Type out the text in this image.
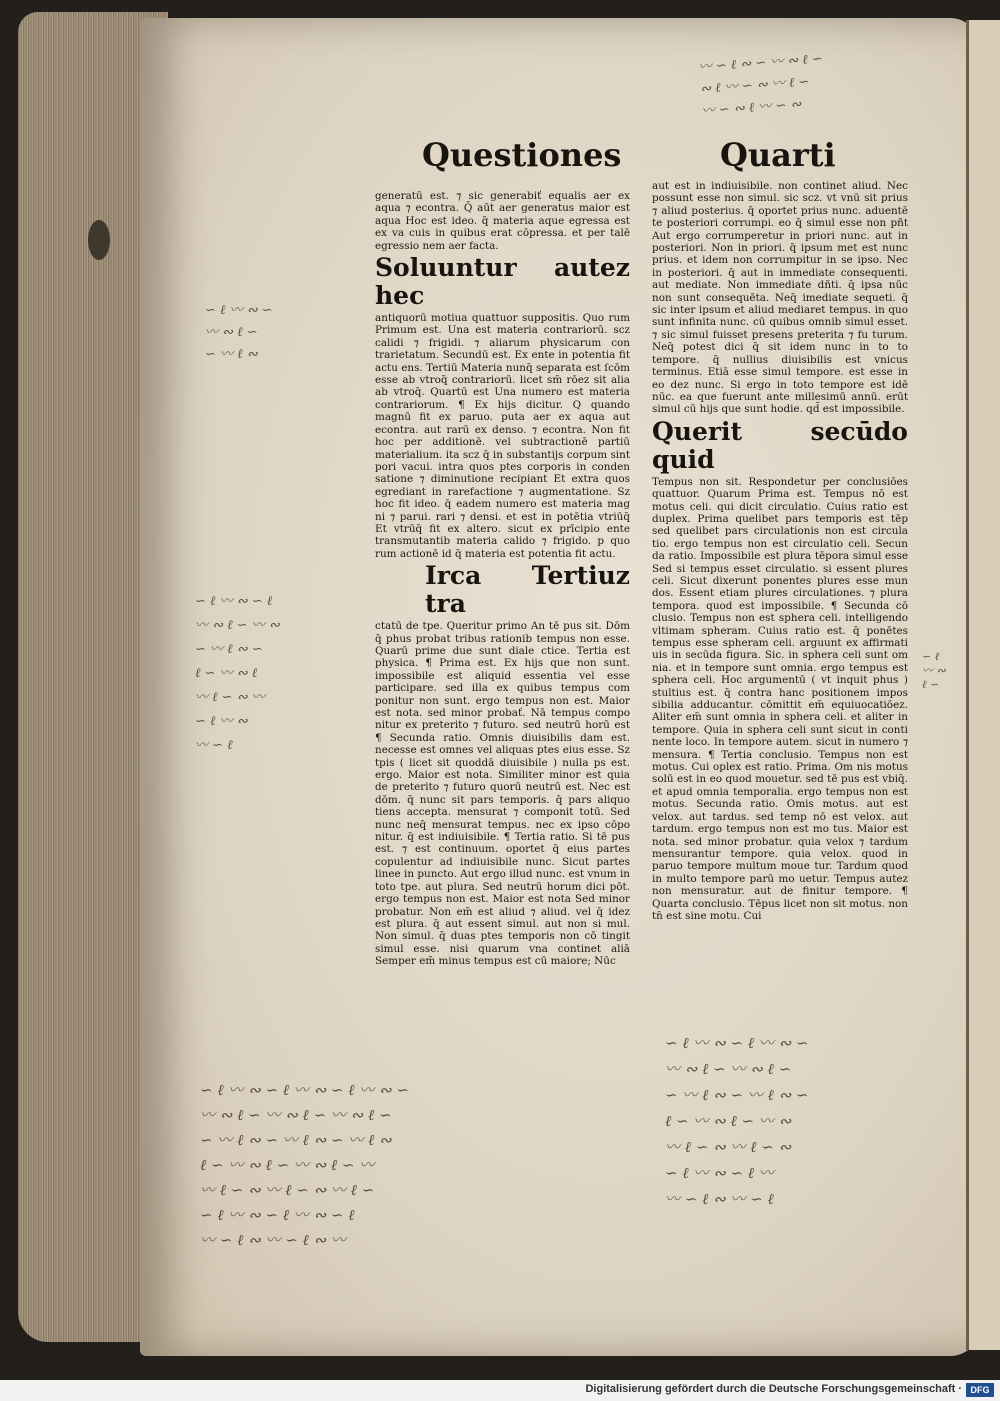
〰 ∽ ℓ ∾ ∽ 〰 ∾ ℓ ∽
∾ ℓ 〰 ∽ ∾ 〰 ℓ ∽
〰 ∽ ∾ ℓ 〰 ∽ ∾
∽ ℓ 〰 ∾ ∽
〰 ∾ ℓ ∽
∽ 〰 ℓ ∾
∽ ℓ 〰 ∾ ∽ ℓ
〰 ∾ ℓ ∽ 〰 ∾
∽ 〰 ℓ ∾ ∽
ℓ ∽ 〰 ∾ ℓ
〰 ℓ ∽ ∾ 〰
∽ ℓ 〰 ∾
〰 ∽ ℓ
∽ ℓ
〰 ∾
ℓ ∽
∽ ℓ 〰 ∾ ∽ ℓ 〰 ∾ ∽ ℓ 〰 ∾ ∽
〰 ∾ ℓ ∽ 〰 ∾ ℓ ∽ 〰 ∾ ℓ ∽
∽ 〰 ℓ ∾ ∽ 〰 ℓ ∾ ∽ 〰 ℓ ∾
ℓ ∽ 〰 ∾ ℓ ∽ 〰 ∾ ℓ ∽ 〰
〰 ℓ ∽ ∾ 〰 ℓ ∽ ∾ 〰 ℓ ∽
∽ ℓ 〰 ∾ ∽ ℓ 〰 ∾ ∽ ℓ
〰 ∽ ℓ ∾ 〰 ∽ ℓ ∾ 〰
∽ ℓ 〰 ∾ ∽ ℓ 〰 ∾ ∽
〰 ∾ ℓ ∽ 〰 ∾ ℓ ∽
∽ 〰 ℓ ∾ ∽ 〰 ℓ ∾ ∽
ℓ ∽ 〰 ∾ ℓ ∽ 〰 ∾
〰 ℓ ∽ ∾ 〰 ℓ ∽ ∾
∽ ℓ 〰 ∾ ∽ ℓ 〰
〰 ∽ ℓ ∾ 〰 ∽ ℓ
Questiones	Quarti

generatū est. ⁊ sic generabiť equalis aer ex aqua ⁊ econtra. Q̄ aūt aer generatus maior est aqua Hoc est ideo. q̄ materia aque egressa est ex va cuis in quibus erat cōpressa. et per talē egressio nem aer facta.

Soluuntur autez hec

antiquorū motiua quattuor suppositis. Quo rum Primum est. Una est materia contrariorū. scz calidi ⁊ frigidi. ⁊ aliarum physicarum con trarietatum. Secundū est. Ex ente in potentia fit actu ens. Tertiū Materia nunq̄ separata est ſcōm esse ab vtroq̄ contrariorū. licet sm̄ rōez sit alia ab vtroq̄. Quartū est Una numero est materia contrariorum. ¶ Ex hijs dicitur. Q quando magnū fit ex paruo. puta aer ex aqua aut econtra. aut rarū ex denso. ⁊ econtra. Non fit hoc per additionē. vel subtractionē partiū materialium. ita scz q̄ in substantijs corpum sint pori vacui. intra quos ptes corporis in conden satione ⁊ diminutione recipiant Et extra quos egrediant in rarefactione ⁊ augmentatione. Sz hoc fit ideo. q̄ eadem numero est materia mag ni ⁊ parui. rari ⁊ densi. et est in potētia vtriūq̄ Et vtrūq̄ fit ex altero. sicut ex prīcipio ente transmutantib materia calido ⁊ frigido. p quo rum actionē id q̄ materia est potentia fit actu.

Irca Tertiuz tra

ctatū de tpe. Queritur primo An tē pus sit. Dōm q̄ phus probat tribus rationib tempus non esse. Quarū prime due sunt diale ctice. Tertia est physica. ¶ Prima est. Ex hijs que non sunt. impossibile est aliquid essentia vel esse participare. sed illa ex quibus tempus com ponitur non sunt. ergo tempus non est. Maior est nota. sed minor probať. Nā tempus compo nitur ex preterito ⁊ futuro. sed neutrū horū est ¶ Secunda ratio. Omnis diuisibilis dam est. necesse est omnes vel aliquas ptes eius esse. Sz tpis ( licet sit quoddā diuisibile ) nulla ps est. ergo. Maior est nota. Similiter minor est quia de preterito ⁊ futuro quorū neutrū est. Nec est dōm. q̄ nunc sit pars temporis. q̄ pars aliquo tiens accepta. mensurat ⁊ componit totū. Sed nunc neq̄ mensurat tempus. nec ex ipso cōpo nitur. q̄ est indiuisibile. ¶ Tertia ratio. Si tē pus est. ⁊ est continuum. oportet q̄ eius partes copulentur ad indiuisibile nunc. Sicut partes linee in puncto. Aut ergo illud nunc. est vnum in toto tpe. aut plura. Sed neutrū horum dici pōt. ergo tempus non est. Maior est nota Sed minor probatur. Non em̄ est aliud ⁊ aliud. vel q̄ idez est plura. q̄ aut essent simul. aut non si mul. Non simul. q̄ duas ptes temporis non cō tingit simul esse. nisi quarum vna continet aliā Semper em̄ minus tempus est cū maiore; Nūc

aut est in indiuisibile. non continet aliud. Nec possunt esse non simul. sic scz. vt vnū sit prius ⁊ aliud posterius. q̄ oportet prius nunc. aduentē te posteriori corrumpi. eo q̄ simul esse non pñt Aut ergo corrumperetur in priori nunc. aut in posteriori. Non in priori. q̄ ipsum met est nunc prius. et idem non corrumpitur in se ipso. Nec in posteriori. q̄ aut in immediate consequenti. aut mediate. Non immediate dñti. q̄ ipsa nūc non sunt consequēta. Neq̄ imediate sequeti. q̄ sic inter ipsum et aliud mediaret tempus. in quo sunt infinita nunc. cū quibus omnib simul esset. ⁊ sic simul fuisset presens preterita ⁊ fu turum. Neq̄ potest dici q̄ sit idem nunc in to to tempore. q̄ nullius diuisibilis est vnicus terminus. Etiā esse simul tempore. est esse in eo dez nunc. Si ergo in toto tempore est idē nūc. ea que fuerunt ante millesimū annū. erūt simul cū hijs que sunt hodie. qd̄ est impossibile.

Querit secūdo quid

Tempus non sit. Respondetur per conclusiōes quattuor. Quarum Prima est. Tempus nō est motus celi. qui dicit circulatio. Cuius ratio est duplex. Prima quelibet pars temporis est tēp sed quelibet pars circulationis non est circula tio. ergo tempus non est circulatio celi. Secun da ratio. Impossibile est plura tēpora simul esse Sed si tempus esset circulatio. si essent plures celi. Sicut dixerunt ponentes plures esse mun dos. Essent etiam plures circulationes. ⁊ plura tempora. quod est impossibile. ¶ Secunda cō clusio. Tempus non est sphera celi. intelligendo vltimam spheram. Cuius ratio est. q̄ ponētes tempus esse spheram celi. arguunt ex affirmati uis in secūda figura. Sic. in sphera celi sunt om nia. et in tempore sunt omnia. ergo tempus est sphera celi. Hoc argumentū ( vt inquit phus ) stultius est. q̄ contra hanc positionem impos sibilia adducantur. cōmittit em̄ equiuocatiōez. Aliter em̄ sunt omnia in sphera celi. et aliter in tempore. Quia in sphera celi sunt sicut in conti nente loco. In tempore autem. sicut in numero ⁊ mensura. ¶ Tertia conclusio. Tempus non est motus. Cui oplex est ratio. Prima. Om nis motus solū est in eo quod mouetur. sed tē pus est vbiq̄. et apud omnia temporalia. ergo tempus non est motus. Secunda ratio. Omis motus. aut est velox. aut tardus. sed temp nō est velox. aut tardum. ergo tempus non est mo tus. Maior est nota. sed minor probatur. quia velox ⁊ tardum mensurantur tempore. quia velox. quod in paruo tempore multum moue tur. Tardum quod in multo tempore parū mo uetur. Tempus autez non mensuratur. aut de finitur tempore. ¶ Quarta conclusio. Tēpus licet non sit motus. non tn̄ est sine motu. Cui

Digitalisierung gefördert durch die Deutsche Forschungsgemeinschaft · DFG
